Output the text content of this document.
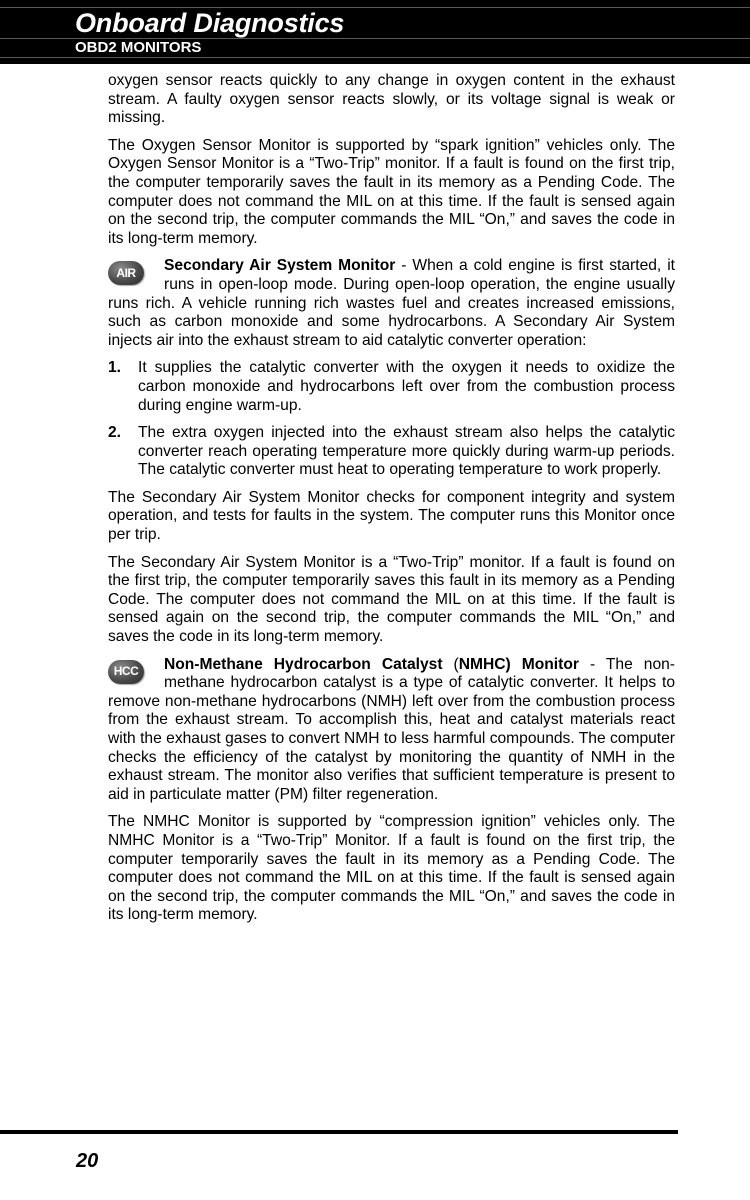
Onboard Diagnostics
OBD2 MONITORS

oxygen sensor reacts quickly to any change in oxygen content in the exhaust stream. A faulty oxygen sensor reacts slowly, or its voltage signal is weak or missing.

The Oxygen Sensor Monitor is supported by “spark ignition” vehicles only. The Oxygen Sensor Monitor is a “Two-Trip” monitor. If a fault is found on the first trip, the computer temporarily saves the fault in its memory as a Pending Code. The computer does not command the MIL on at this time. If the fault is sensed again on the second trip, the computer commands the MIL “On,” and saves the code in its long-term memory.

AIR	Secondary Air System Monitor - When a cold engine is first started, it runs in open-loop mode. During open-loop operation, the engine usually runs rich. A vehicle running rich wastes fuel and creates increased emissions, such as carbon monoxide and some hydrocarbons. A Secondary Air System injects air into the exhaust stream to aid catalytic converter operation:
1.	It supplies the catalytic converter with the oxygen it needs to oxidize the carbon monoxide and hydrocarbons left over from the combustion process during engine warm-up.
2.	The extra oxygen injected into the exhaust stream also helps the catalytic converter reach operating temperature more quickly during warm-up periods. The catalytic converter must heat to operating temperature to work properly.

The Secondary Air System Monitor checks for component integrity and system operation, and tests for faults in the system. The computer runs this Monitor once per trip.

The Secondary Air System Monitor is a “Two-Trip” monitor. If a fault is found on the first trip, the computer temporarily saves this fault in its memory as a Pending Code. The computer does not command the MIL on at this time. If the fault is sensed again on the second trip, the computer commands the MIL “On,” and saves the code in its long-term memory.

HCC	Non-Methane Hydrocarbon Catalyst (NMHC) Monitor - The non-methane hydrocarbon catalyst is a type of catalytic converter. It helps to remove non-methane hydrocarbons (NMH) left over from the combustion process from the exhaust stream. To accomplish this, heat and catalyst materials react with the exhaust gases to convert NMH to less harmful compounds. The computer checks the efficiency of the catalyst by monitoring the quantity of NMH in the exhaust stream. The monitor also verifies that sufficient temperature is present to aid in particulate matter (PM) filter regeneration.

The NMHC Monitor is supported by “compression ignition” vehicles only. The NMHC Monitor is a “Two-Trip” Monitor. If a fault is found on the first trip, the computer temporarily saves the fault in its memory as a Pending Code. The computer does not command the MIL on at this time. If the fault is sensed again on the second trip, the computer commands the MIL “On,” and saves the code in its long-term memory.

20
